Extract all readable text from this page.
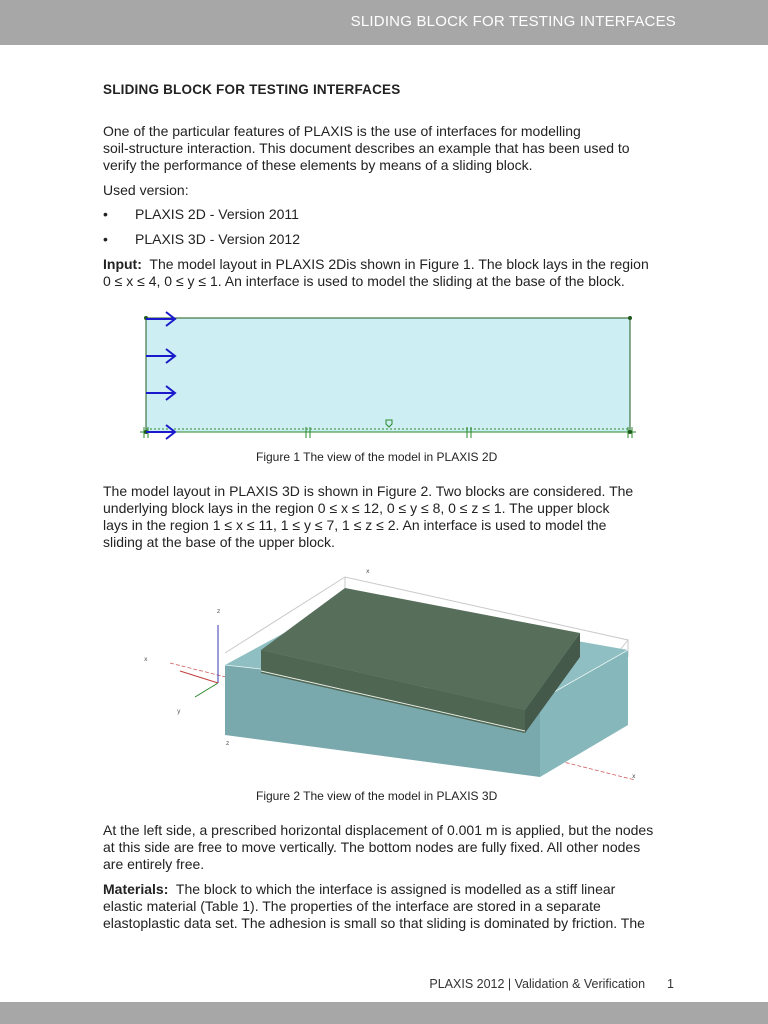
SLIDING BLOCK FOR TESTING INTERFACES
SLIDING BLOCK FOR TESTING INTERFACES
One of the particular features of PLAXIS is the use of interfaces for modelling
soil-structure interaction. This document describes an example that has been used to
verify the performance of these elements by means of a sliding block.
Used version:
• PLAXIS 2D - Version 2011
• PLAXIS 3D - Version 2012
Input: The model layout in PLAXIS 2Dis shown in Figure 1. The block lays in the region
0 ≤ x ≤ 4, 0 ≤ y ≤ 1. An interface is used to model the sliding at the base of the block.
Figure 1 The view of the model in PLAXIS 2D
The model layout in PLAXIS 3D is shown in Figure 2. Two blocks are considered. The
underlying block lays in the region 0 ≤ x ≤ 12, 0 ≤ y ≤ 8, 0 ≤ z ≤ 1. The upper block
lays in the region 1 ≤ x ≤ 11, 1 ≤ y ≤ 7, 1 ≤ z ≤ 2. An interface is used to model the
sliding at the base of the upper block.
z
x
y
z
x
x
Figure 2 The view of the model in PLAXIS 3D
At the left side, a prescribed horizontal displacement of 0.001 m is applied, but the nodes
at this side are free to move vertically. The bottom nodes are fully fixed. All other nodes
are entirely free.
Materials: The block to which the interface is assigned is modelled as a stiff linear
elastic material (Table 1). The properties of the interface are stored in a separate
elastoplastic data set. The adhesion is small so that sliding is dominated by friction. The
PLAXIS 2012 | Validation & Verification 1
